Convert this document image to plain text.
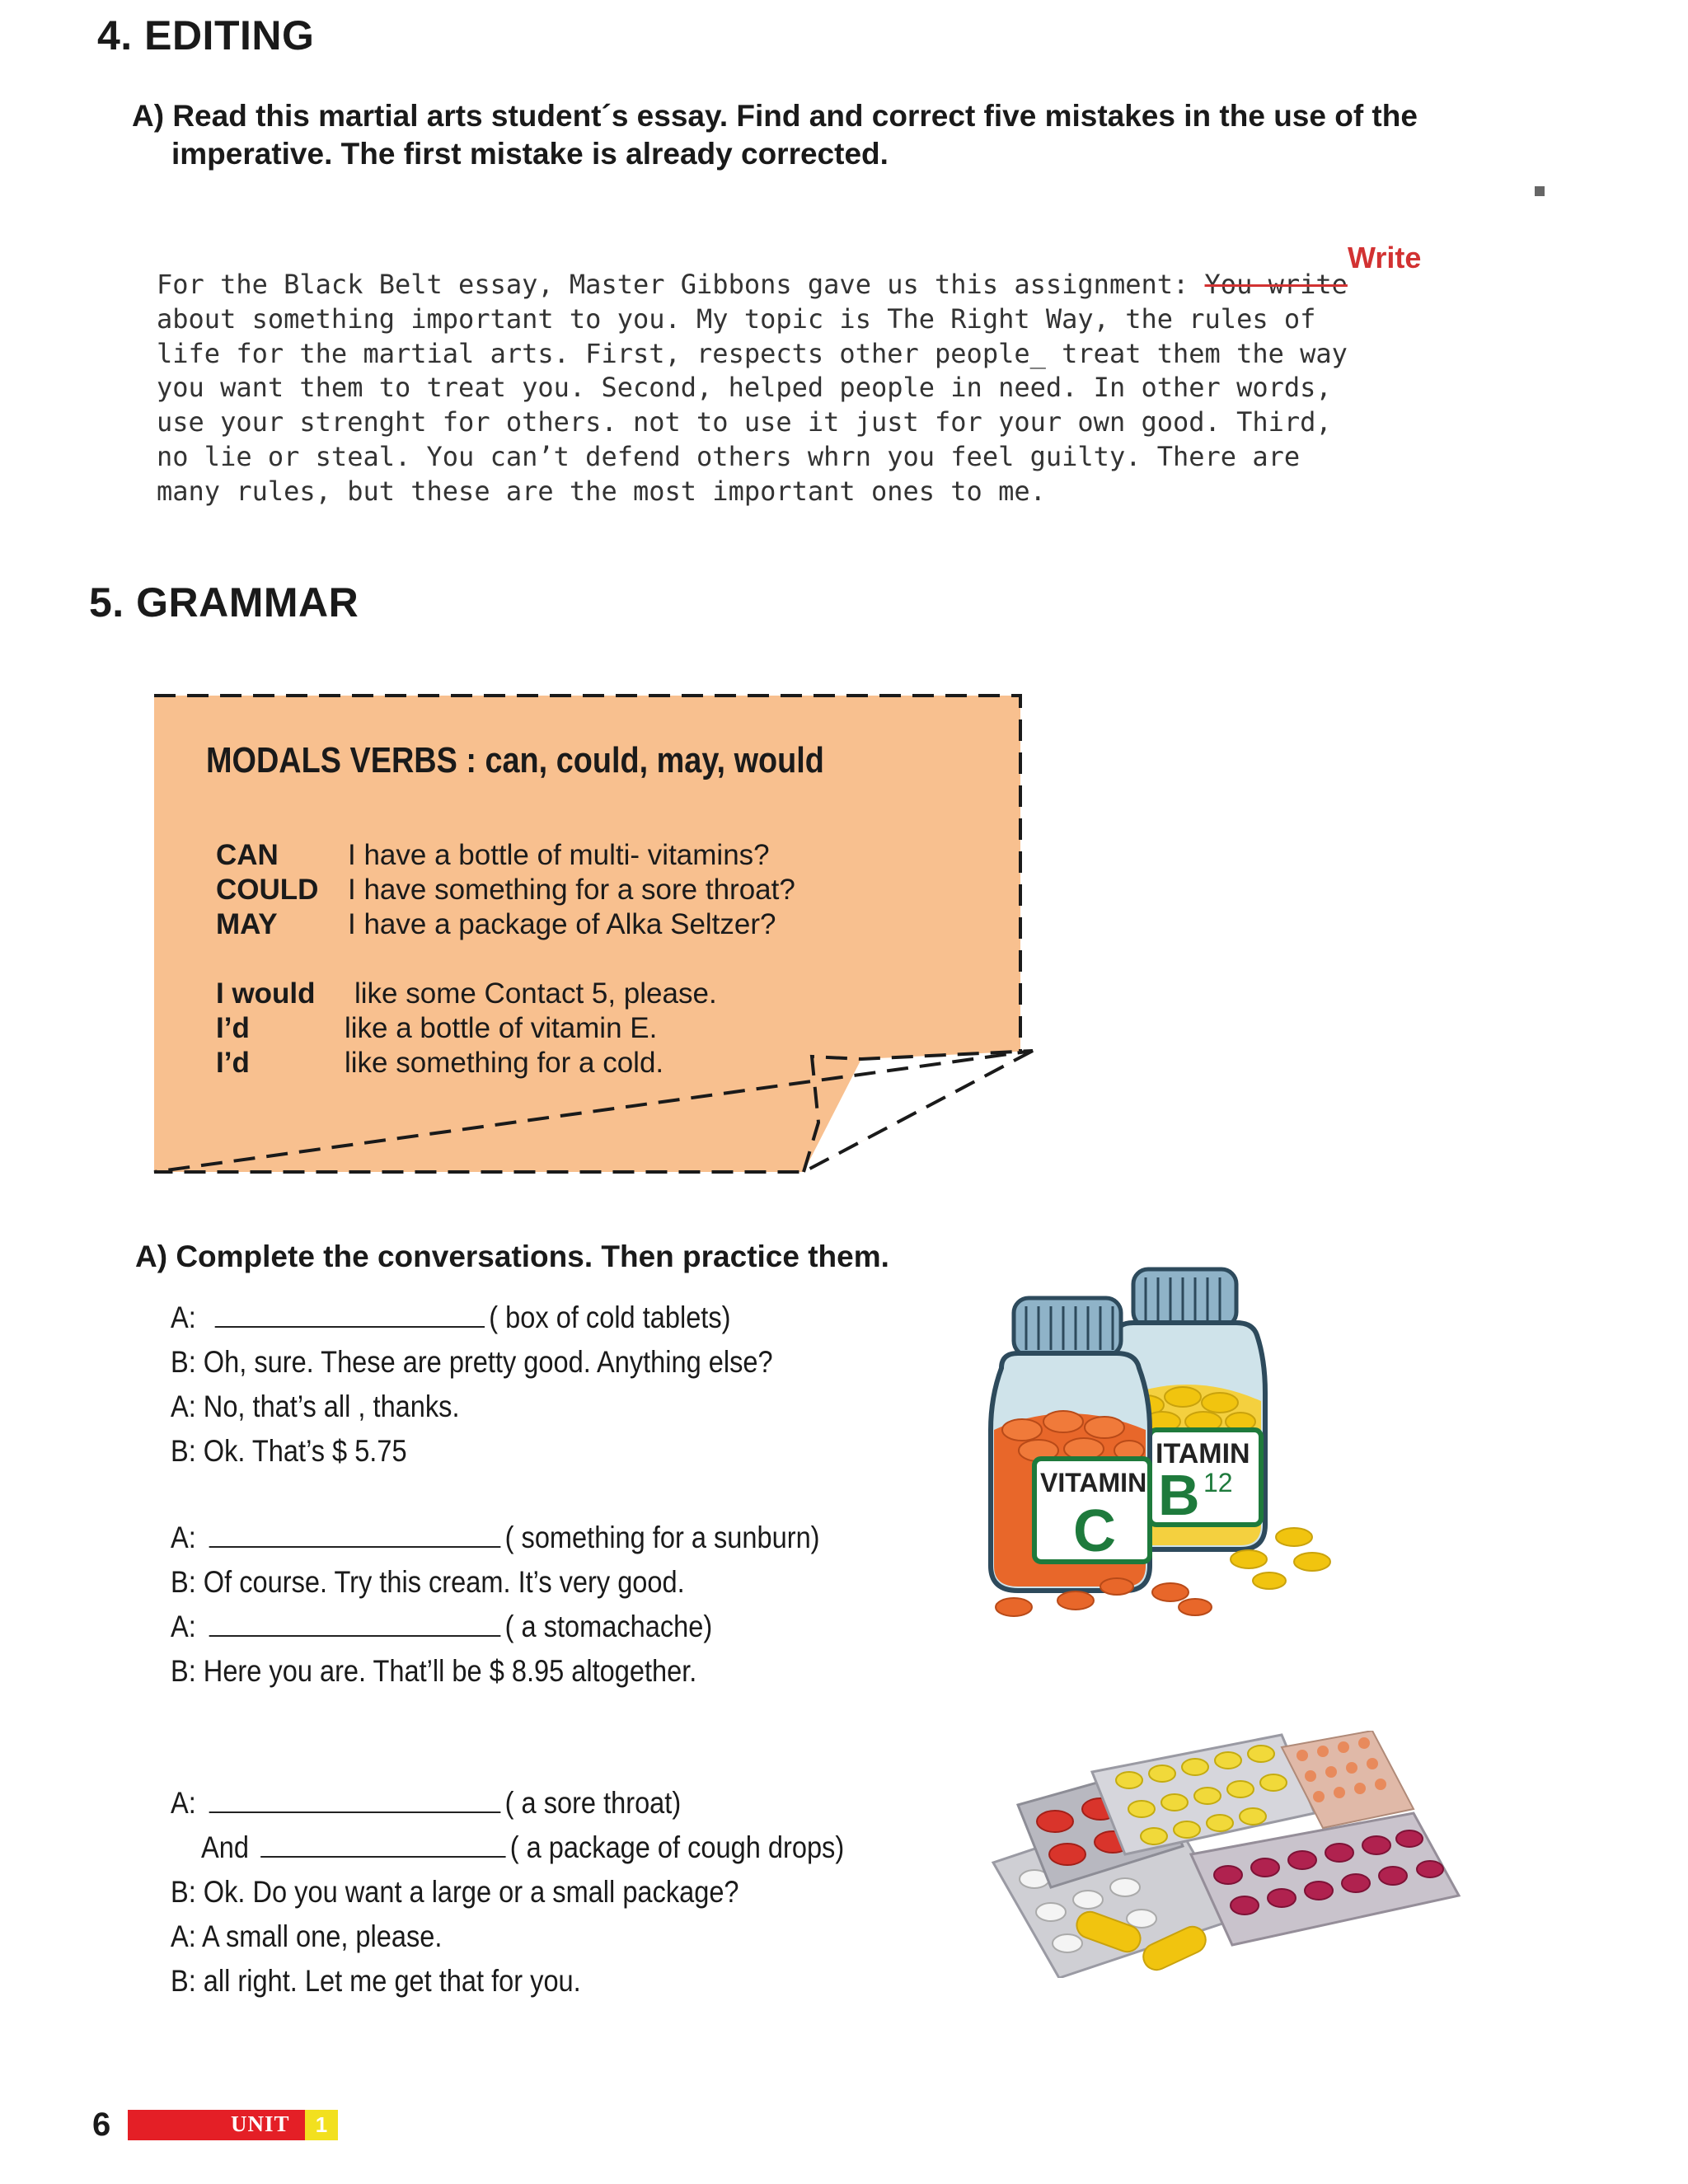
4. EDITING

A) Read this martial arts student´s essay. Find and correct five mistakes in the use of the

imperative. The first mistake is already corrected.

Write
For the Black Belt essay, Master Gibbons gave us this assignment: You write
about something important to you. My topic is The Right Way, the rules of
life for the martial arts. First, respects other people_ treat them the way
you want them to treat you. Second, helped people in need. In other words,
use your strenght for others. not to use it just for your own good. Third,
no lie or steal. You can’t defend others whrn you feel guilty. There are
many rules, but these are the most important ones to me.
5. GRAMMAR
MODALS VERBS : can, could, may, would
CAN I have a bottle of multi- vitamins?
COULD I have something for a sore throat?
MAY I have a package of Alka Seltzer?
I would like some Contact 5, please.
I’d	like a bottle of vitamin E.
I’d	like something for a cold.

A) Complete the conversations. Then practice them.

A:	( box of cold tablets)
B: Oh, sure. These are pretty good. Anything else?
A: No, that’s all , thanks.
B: Ok. That’s $ 5.75
A:	( something for a sunburn)
B: Of course. Try this cream. It’s very good.
A:	( a stomachache)
B: Here you are. That’ll be $ 8.95 altogether.
A:	( a sore throat)
And	( a package of cough drops)
B: Ok. Do you want a large or a small package?
A: A small one, please.
B: all right. Let me get that for you.
ITAMIN
B 12
VITAMIN
C
6	UNIT	1
